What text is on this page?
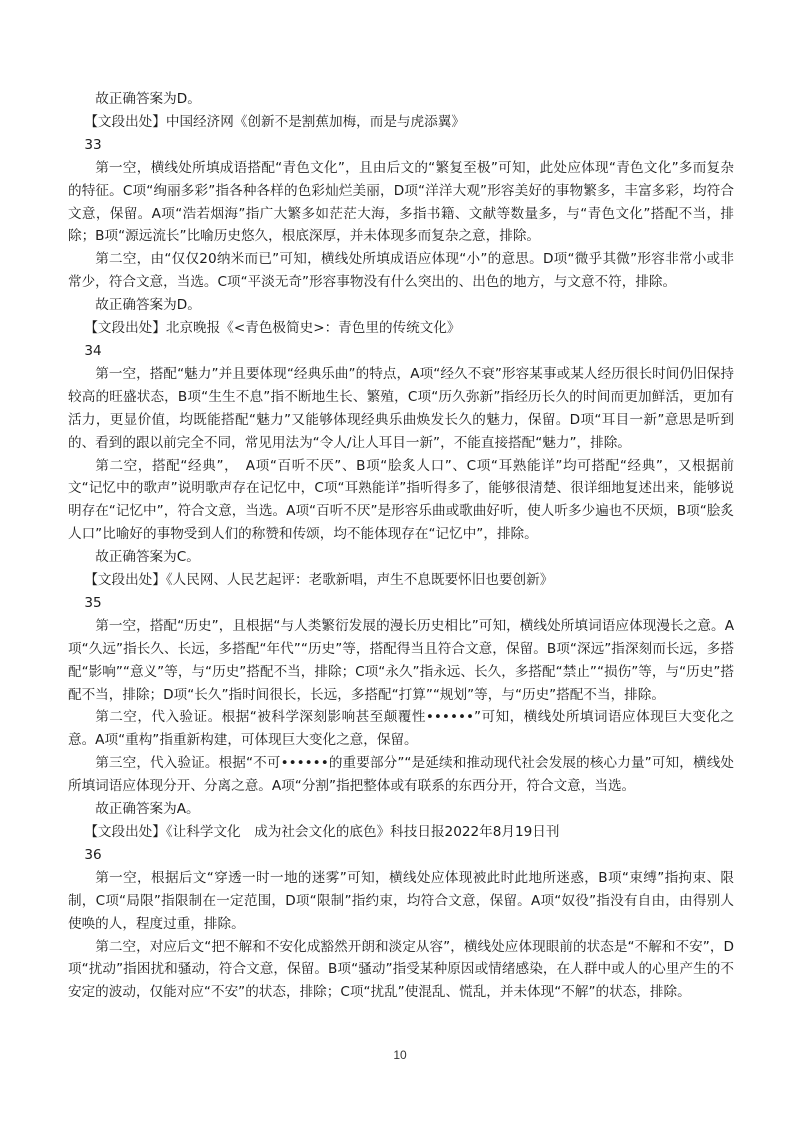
故正确答案为D。

【文段出处】中国经济网《创新不是割蕉加梅，而是与虎添翼》

33

第一空，横线处所填成语搭配“青色文化”，且由后文的“繁复至极”可知，此处应体现“青色文化”多而复杂的特征。C项“绚丽多彩”指各种各样的色彩灿烂美丽，D项“洋洋大观”形容美好的事物繁多，丰富多彩，均符合文意，保留。A项“浩若烟海”指广大繁多如茫茫大海，多指书籍、文献等数量多，与“青色文化”搭配不当，排除；B项“源远流长”比喻历史悠久，根底深厚，并未体现多而复杂之意，排除。

第二空，由“仅仅20纳米而已”可知，横线处所填成语应体现“小”的意思。D项“微乎其微”形容非常小或非常少，符合文意，当选。C项“平淡无奇”形容事物没有什么突出的、出色的地方，与文意不符，排除。

故正确答案为D。

【文段出处】北京晚报《<青色极简史>：青色里的传统文化》

34

第一空，搭配“魅力”并且要体现“经典乐曲”的特点，A项“经久不衰”形容某事或某人经历很长时间仍旧保持较高的旺盛状态，B项“生生不息”指不断地生长、繁殖，C项“历久弥新”指经历长久的时间而更加鲜活，更加有活力，更显价值，均既能搭配“魅力”又能够体现经典乐曲焕发长久的魅力，保留。D项“耳目一新”意思是听到的、看到的跟以前完全不同，常见用法为“令人/让人耳目一新”，不能直接搭配“魅力”，排除。

第二空，搭配“经典”，　A项“百听不厌”、B项“脍炙人口”、C项“耳熟能详”均可搭配“经典”，又根据前文“记忆中的歌声”说明歌声存在记忆中，C项“耳熟能详”指听得多了，能够很清楚、很详细地复述出来，能够说明存在“记忆中”，符合文意，当选。A项“百听不厌”是形容乐曲或歌曲好听，使人听多少遍也不厌烦，B项“脍炙人口”比喻好的事物受到人们的称赞和传颂，均不能体现存在“记忆中”，排除。

故正确答案为C。

【文段出处】《人民网、人民艺起评：老歌新唱，声生不息既要怀旧也要创新》

35

第一空，搭配“历史”，且根据“与人类繁衍发展的漫长历史相比”可知，横线处所填词语应体现漫长之意。A项“久远”指长久、长远，多搭配“年代”“历史”等，搭配得当且符合文意，保留。B项“深远”指深刻而长远，多搭配“影响”“意义”等，与“历史”搭配不当，排除；C项“永久”指永远、长久，多搭配“禁止”“损伤”等，与“历史”搭配不当，排除；D项“长久”指时间很长，长远，多搭配“打算”“规划”等，与“历史”搭配不当，排除。

第二空，代入验证。根据“被科学深刻影响甚至颠覆性••••••”可知，横线处所填词语应体现巨大变化之意。A项“重构”指重新构建，可体现巨大变化之意，保留。

第三空，代入验证。根据“不可••••••的重要部分”“是延续和推动现代社会发展的核心力量”可知，横线处所填词语应体现分开、分离之意。A项“分割”指把整体或有联系的东西分开，符合文意，当选。

故正确答案为A。

【文段出处】《让科学文化　成为社会文化的底色》科技日报2022年8月19日刊

36

第一空，根据后文“穿透一时一地的迷雾”可知，横线处应体现被此时此地所迷惑，B项“束缚”指拘束、限制，C项“局限”指限制在一定范围，D项“限制”指约束，均符合文意，保留。A项“奴役”指没有自由，由得别人使唤的人，程度过重，排除。

第二空，对应后文“把不解和不安化成豁然开朗和淡定从容”，横线处应体现眼前的状态是“不解和不安”，D项“扰动”指困扰和骚动，符合文意，保留。B项“骚动”指受某种原因或情绪感染，在人群中或人的心里产生的不安定的波动，仅能对应“不安”的状态，排除；C项“扰乱”使混乱、慌乱，并未体现“不解”的状态，排除。

10
